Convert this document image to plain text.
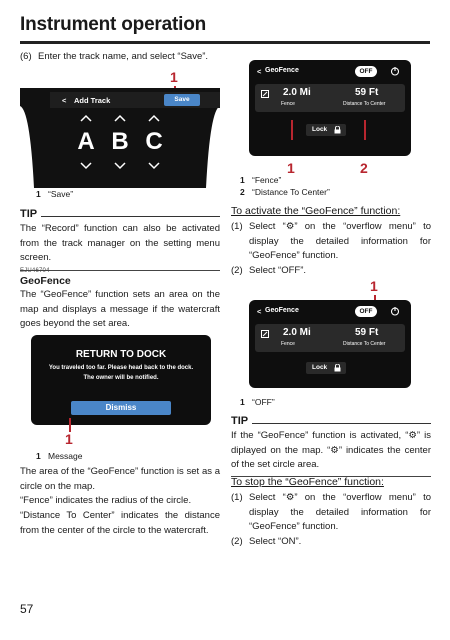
Instrument operation
(6) Enter the track name, and select “Save”.
1
< Add Track	Save
A B C
1 “Save”
TIP
The “Record” function can also be activated from the track manager on the setting menu screen.
EJU46704
GeoFence
The “GeoFence” function sets an area on the map and displays a message if the watercraft goes beyond the set area.
RETURN TO DOCK
You traveled too far. Please head back to the dock.
The owner will be notified.
Dismiss
1
1 Message
The area of the “GeoFence” function is set as a circle on the map.
“Fence” indicates the radius of the circle.
“Distance To Center” indicates the distance from the center of the circle to the watercraft.
< GeoFence	OFF
2.0 Mi
Fence
59 Ft
Distance To Center
Lock
1	2
1 “Fence”
2 “Distance To Center”
To activate the “GeoFence” function:
(1) Select “⚙” on the “overflow menu” to display the detailed information for “GeoFence” function.
(2) Select “OFF”.
1
< GeoFence	OFF
2.0 Mi
Fence
59 Ft
Distance To Center
Lock
1 “OFF”
TIP
If the “GeoFence” function is activated, “⚙” is diplayed on the map. “⚙” indicates the center of the set circle area.
To stop the “GeoFence” function:
(1) Select “⚙” on the “overflow menu” to display the detailed information for “GeoFence” function.
(2) Select “ON”.
57
